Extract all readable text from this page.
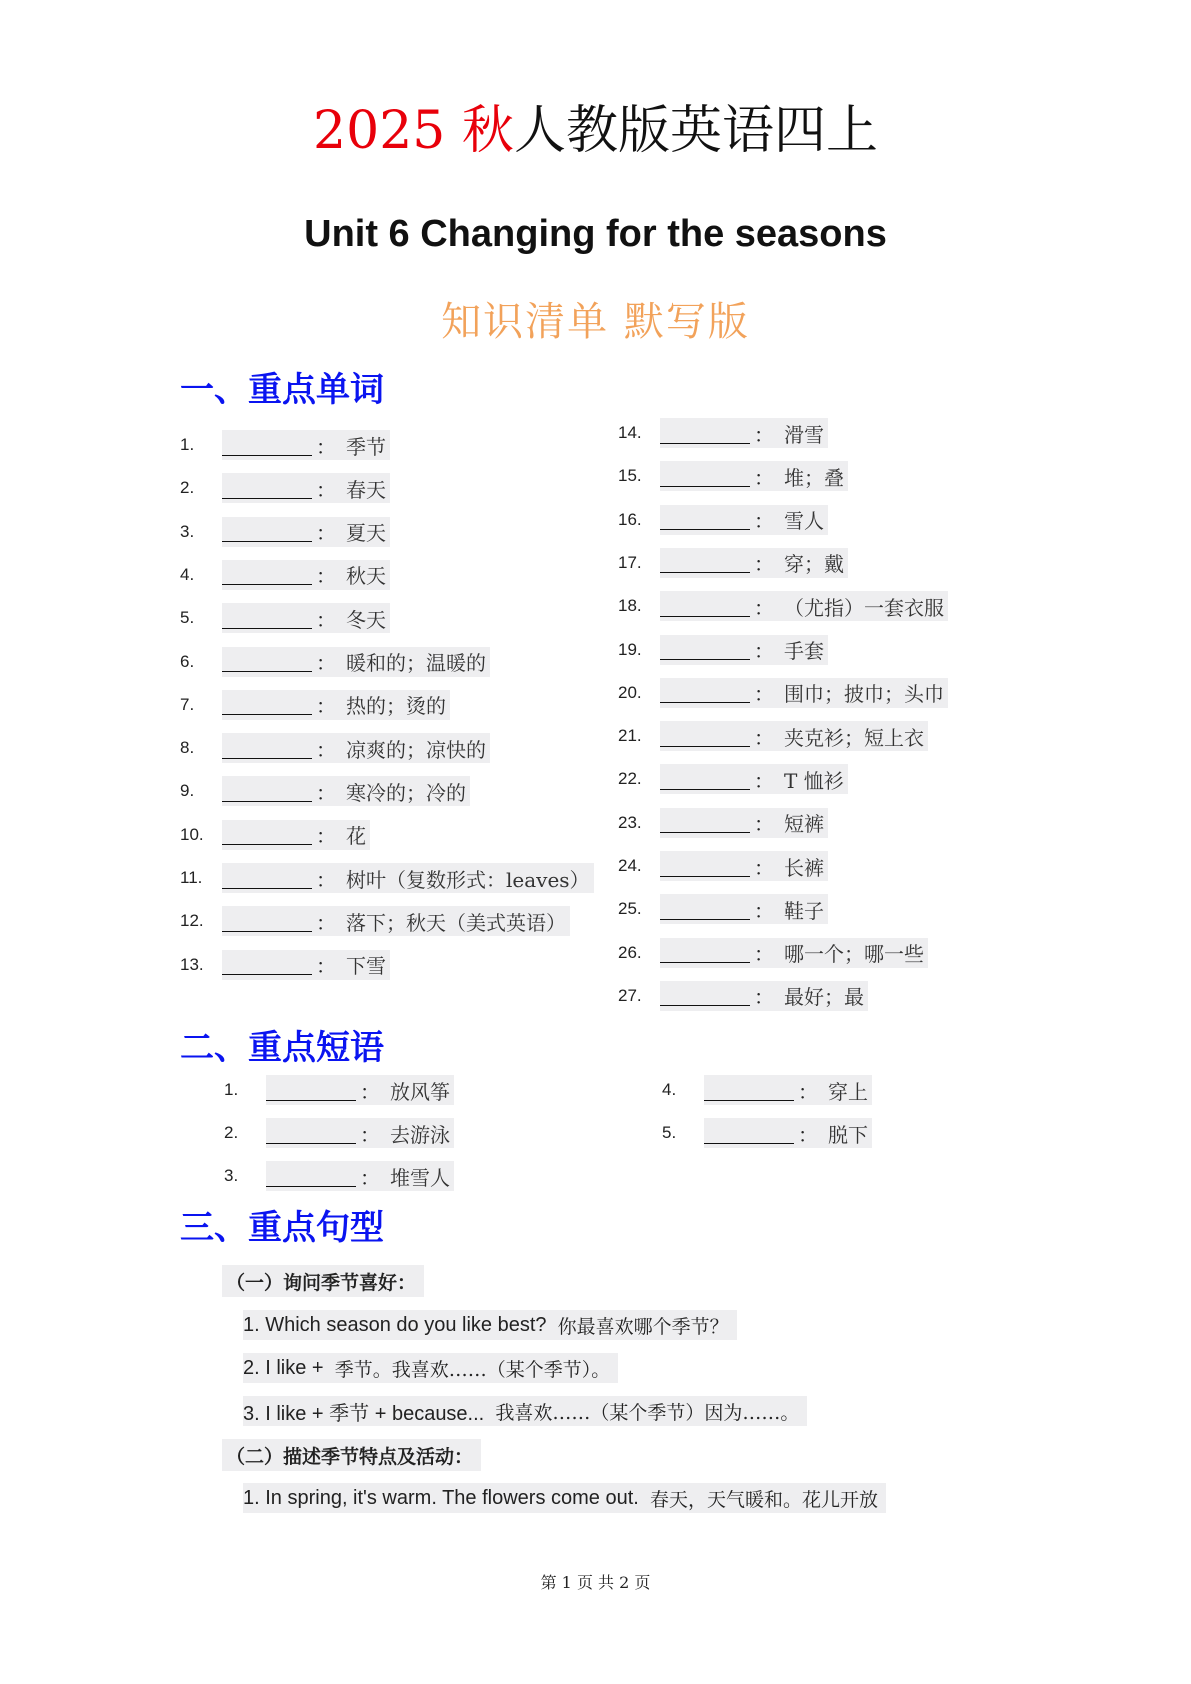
2025 秋人教版英语四上
Unit 6 Changing for the seasons
知识清单 默写版
一、重点单词
1.	： 季节
2.	： 春天
3.	： 夏天
4.	： 秋天
5.	： 冬天
6.	： 暖和的；温暖的
7.	： 热的；烫的
8.	： 凉爽的；凉快的
9.	： 寒冷的；冷的
10.	： 花
11.	： 树叶（复数形式：leaves）
12.	： 落下；秋天（美式英语）
13.	： 下雪
14.	： 滑雪
15.	： 堆；叠
16.	： 雪人
17.	： 穿；戴
18.	： （尤指）一套衣服
19.	： 手套
20.	： 围巾；披巾；头巾
21.	： 夹克衫；短上衣
22.	： T 恤衫
23.	： 短裤
24.	： 长裤
25.	： 鞋子
26.	： 哪一个；哪一些
27.	： 最好；最
二、重点短语
1.	： 放风筝
2.	： 去游泳
3.	： 堆雪人
4.	： 穿上
5.	： 脱下
三、重点句型
（一）询问季节喜好：
1. Which season do you like best?
你最喜欢哪个季节？
2. I like +
季节。我喜欢……（某个季节）。
3. I like + 季节 + because...
我喜欢……（某个季节）因为……。
（二）描述季节特点及活动：
1. In spring, it's warm. The flowers come out.
春天，天气暖和。花儿开放
第 1 页 共 2 页
